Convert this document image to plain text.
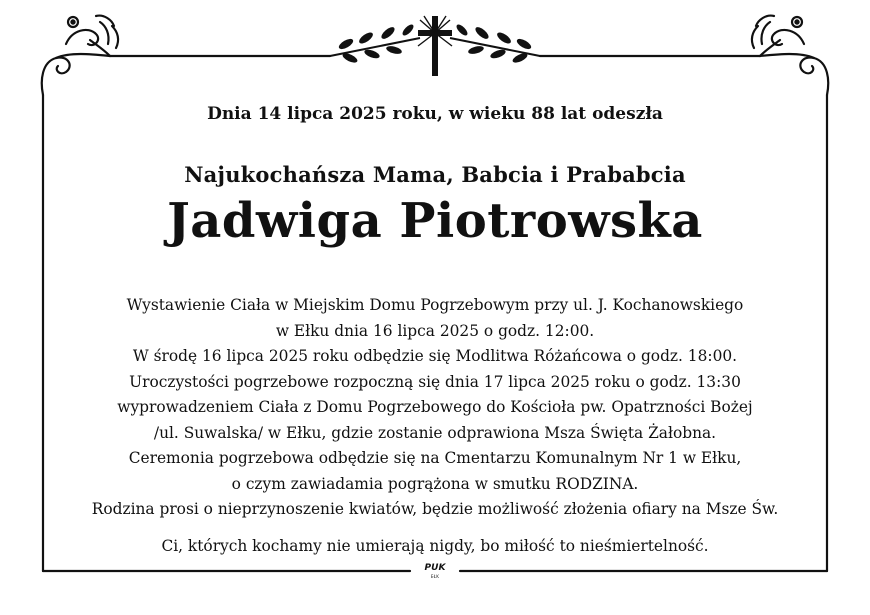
Dnia 14 lipca 2025 roku, w wieku 88 lat odeszła
Najukochańsza Mama, Babcia i Prababcia
Jadwiga Piotrowska
Wystawienie Ciała w Miejskim Domu Pogrzebowym przy ul. J. Kochanowskiego
w Ełku dnia 16 lipca 2025 o godz. 12:00.
W środę 16 lipca 2025 roku odbędzie się Modlitwa Różańcowa o godz. 18:00.
Uroczystości pogrzebowe rozpoczną się dnia 17 lipca 2025 roku o godz. 13:30
wyprowadzeniem Ciała z Domu Pogrzebowego do Kościoła pw. Opatrzności Bożej
/ul. Suwalska/ w Ełku, gdzie zostanie odprawiona Msza Święta Żałobna.
Ceremonia pogrzebowa odbędzie się na Cmentarzu Komunalnym Nr 1 w Ełku,
o czym zawiadamia pogrążona w smutku RODZINA.
Rodzina prosi o nieprzynoszenie kwiatów, będzie możliwość złożenia ofiary na Msze Św.
Ci, których kochamy nie umierają nigdy, bo miłość to nieśmiertelność.
PUK
EŁK
